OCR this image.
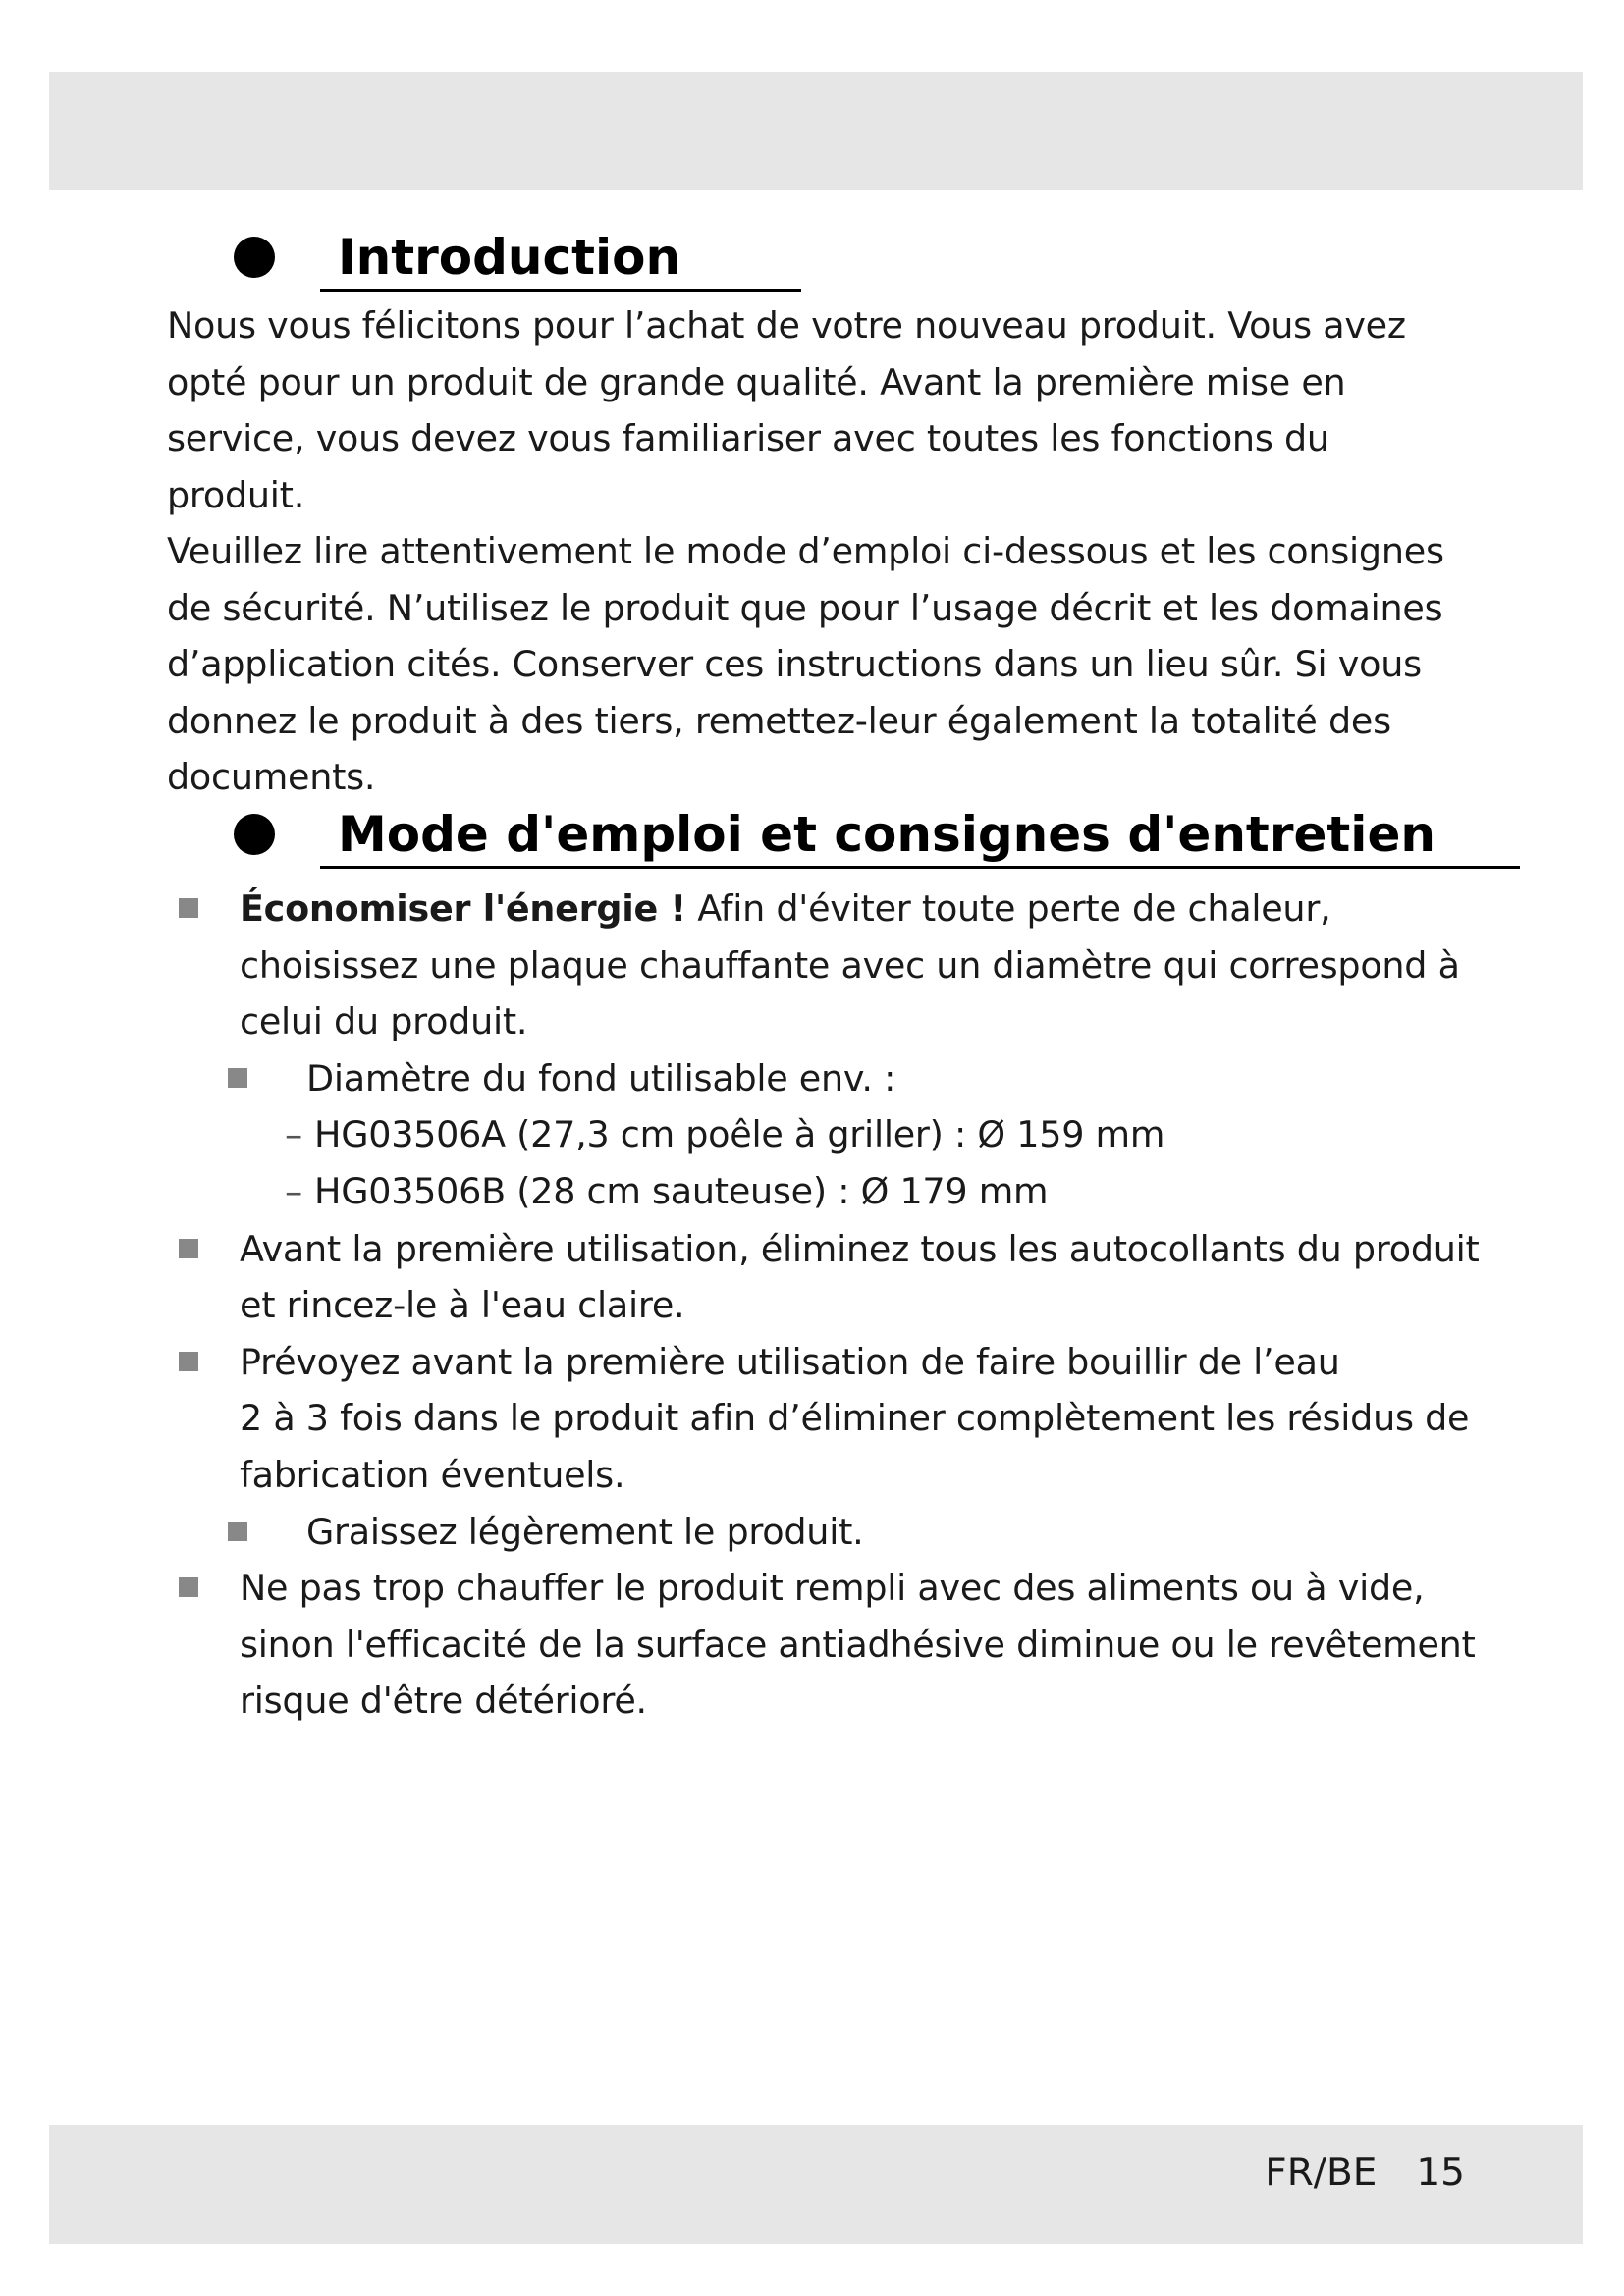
Introduction
Nous vous félicitons pour l’achat de votre nouveau produit. Vous avez
opté pour un produit de grande qualité. Avant la première mise en
service, vous devez vous familiariser avec toutes les fonctions du produit.
Veuillez lire attentivement le mode d’emploi ci-dessous et les consignes
de sécurité. N’utilisez le produit que pour l’usage décrit et les domaines
d’application cités. Conserver ces instructions dans un lieu sûr. Si vous
donnez le produit à des tiers, remettez-leur également la totalité des
documents.
Mode d'emploi et consignes d'entretien
Économiser l'énergie ! Afin d'éviter toute perte de chaleur,
choisissez une plaque chauffante avec un diamètre qui correspond à
celui du produit.
Diamètre du fond utilisable env. :
– HG03506A (27,3 cm poêle à griller) : Ø 159 mm
– HG03506B (28 cm sauteuse) : Ø 179 mm
Avant la première utilisation, éliminez tous les autocollants du produit
et rincez-le à l'eau claire.
Prévoyez avant la première utilisation de faire bouillir de l’eau
2 à 3 fois dans le produit afin d’éliminer complètement les résidus de
fabrication éventuels.
Graissez légèrement le produit.
Ne pas trop chauffer le produit rempli avec des aliments ou à vide,
sinon l'efficacité de la surface antiadhésive diminue ou le revêtement
risque d'être détérioré.
FR/BE 15
